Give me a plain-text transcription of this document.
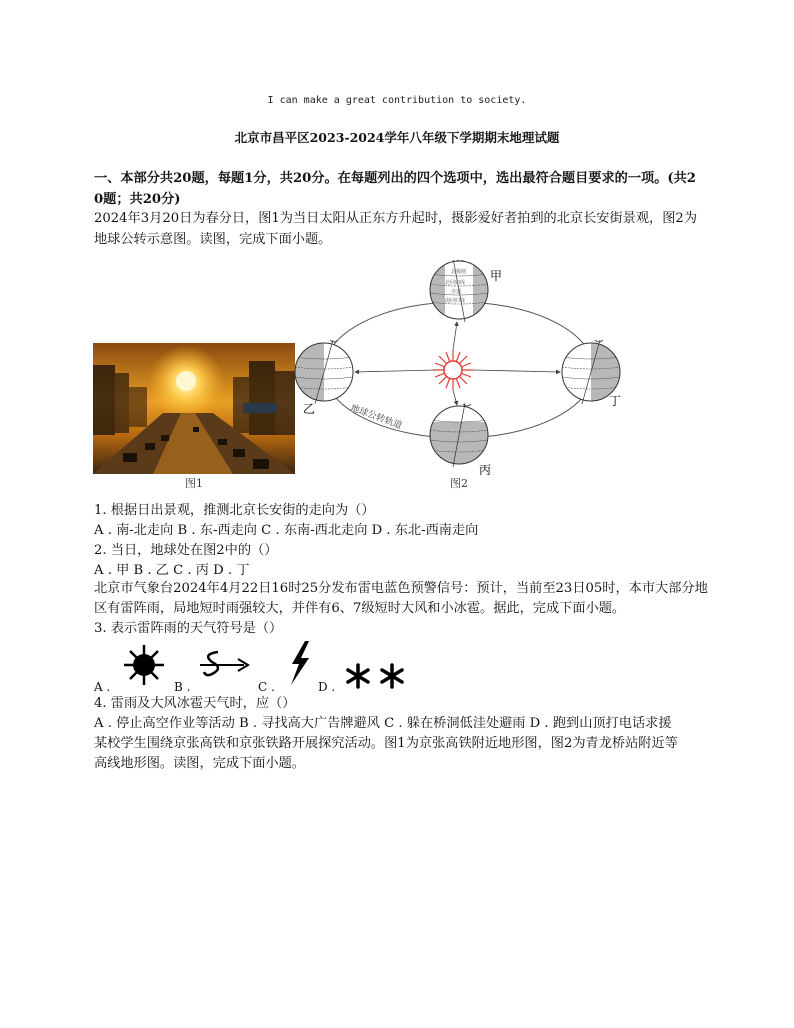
I can make a great contribution to society.
北京市昌平区2023-2024学年八年级下学期期末地理试题
一、本部分共20题，每题1分，共20分。在每题列出的四个选项中，选出最符合题目要求的一项。(共2
0题；共20分)
2024年3月20日为春分日，图1为当日太阳从正东方升起时，摄影爱好者拍到的北京长安街景观，图2为
地球公转示意图。读图，完成下面小题。
图1
北极圈
北回归线
赤道
南回归线
甲
乙
丙
丁
地球公转轨道
图2
1. 根据日出景观，推测北京长安街的走向为（）
A . 南-北走向 B . 东-西走向 C . 东南-西北走向 D . 东北-西南走向
2. 当日，地球处在图2中的（）
A . 甲 B . 乙 C . 丙 D . 丁
北京市气象台2024年4月22日16时25分发布雷电蓝色预警信号：预计，当前至23日05时，本市大部分地
区有雷阵雨，局地短时雨强较大，并伴有6、7级短时大风和小冰雹。据此，完成下面小题。
3. 表示雷阵雨的天气符号是（）
A .	B .	C .	D .
4. 雷雨及大风冰雹天气时，应（）
A . 停止高空作业等活动 B . 寻找高大广告牌避风 C . 躲在桥洞低洼处避雨 D . 跑到山顶打电话求援
某校学生围绕京张高铁和京张铁路开展探究活动。图1为京张高铁附近地形图，图2为青龙桥站附近等
高线地形图。读图，完成下面小题。
